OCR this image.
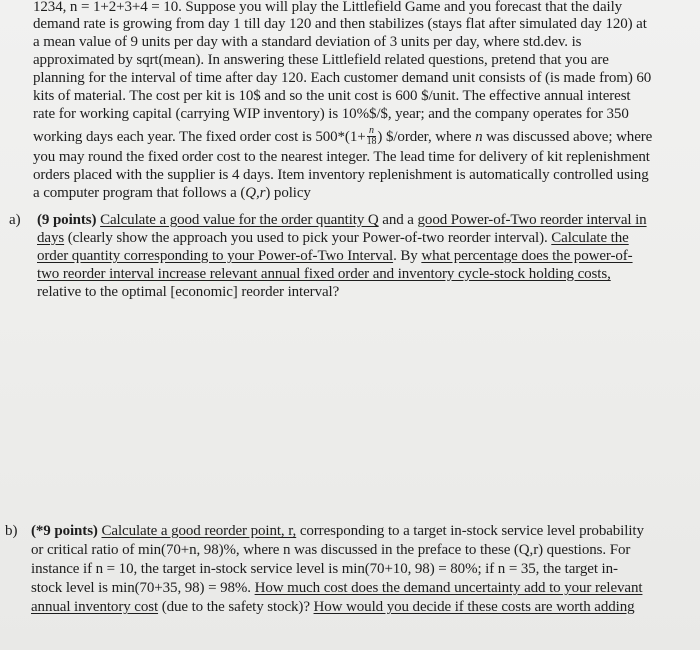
1234, n = 1+2+3+4 = 10. Suppose you will play the Littlefield Game and you forecast that the daily
demand rate is growing from day 1 till day 120 and then stabilizes (stays flat after simulated day 120) at
a mean value of 9 units per day with a standard deviation of 3 units per day, where std.dev. is
approximated by sqrt(mean). In answering these Littlefield related questions, pretend that you are
planning for the interval of time after day 120. Each customer demand unit consists of (is made from) 60
kits of material. The cost per kit is 10$ and so the unit cost is 600 $/unit. The effective annual interest
rate for working capital (carrying WIP inventory) is 10%$/$, year; and the company operates for 350
working days each year. The fixed order cost is $500*(1+ \frac{n}{18}$ ) $/order, where n was discussed above; where
you may round the fixed order cost to the nearest integer. The lead time for delivery of kit replenishment
orders placed with the supplier is 4 days. Item inventory replenishment is automatically controlled using
a computer program that follows a (Q,r) policy
a) (9 points) Calculate a good value for the order quantity Q and a good Power-of-Two reorder interval in
days (clearly show the approach you used to pick your Power-of-two reorder interval). Calculate the
order quantity corresponding to your Power-of-Two Interval. By what percentage does the power-of-
two reorder interval increase relevant annual fixed order and inventory cycle-stock holding costs,
relative to the optimal [economic] reorder interval?
b) (*9 points) Calculate a good reorder point, r, corresponding to a target in-stock service level probability
or critical ratio of min(70+n, 98)%, where n was discussed in the preface to these (Q,r) questions. For
instance if n = 10, the target in-stock service level is min(70+10, 98) = 80%; if n = 35, the target in-
stock level is min(70+35, 98) = 98%. How much cost does the demand uncertainty add to your relevant
annual inventory cost (due to the safety stock)? How would you decide if these costs are worth adding
